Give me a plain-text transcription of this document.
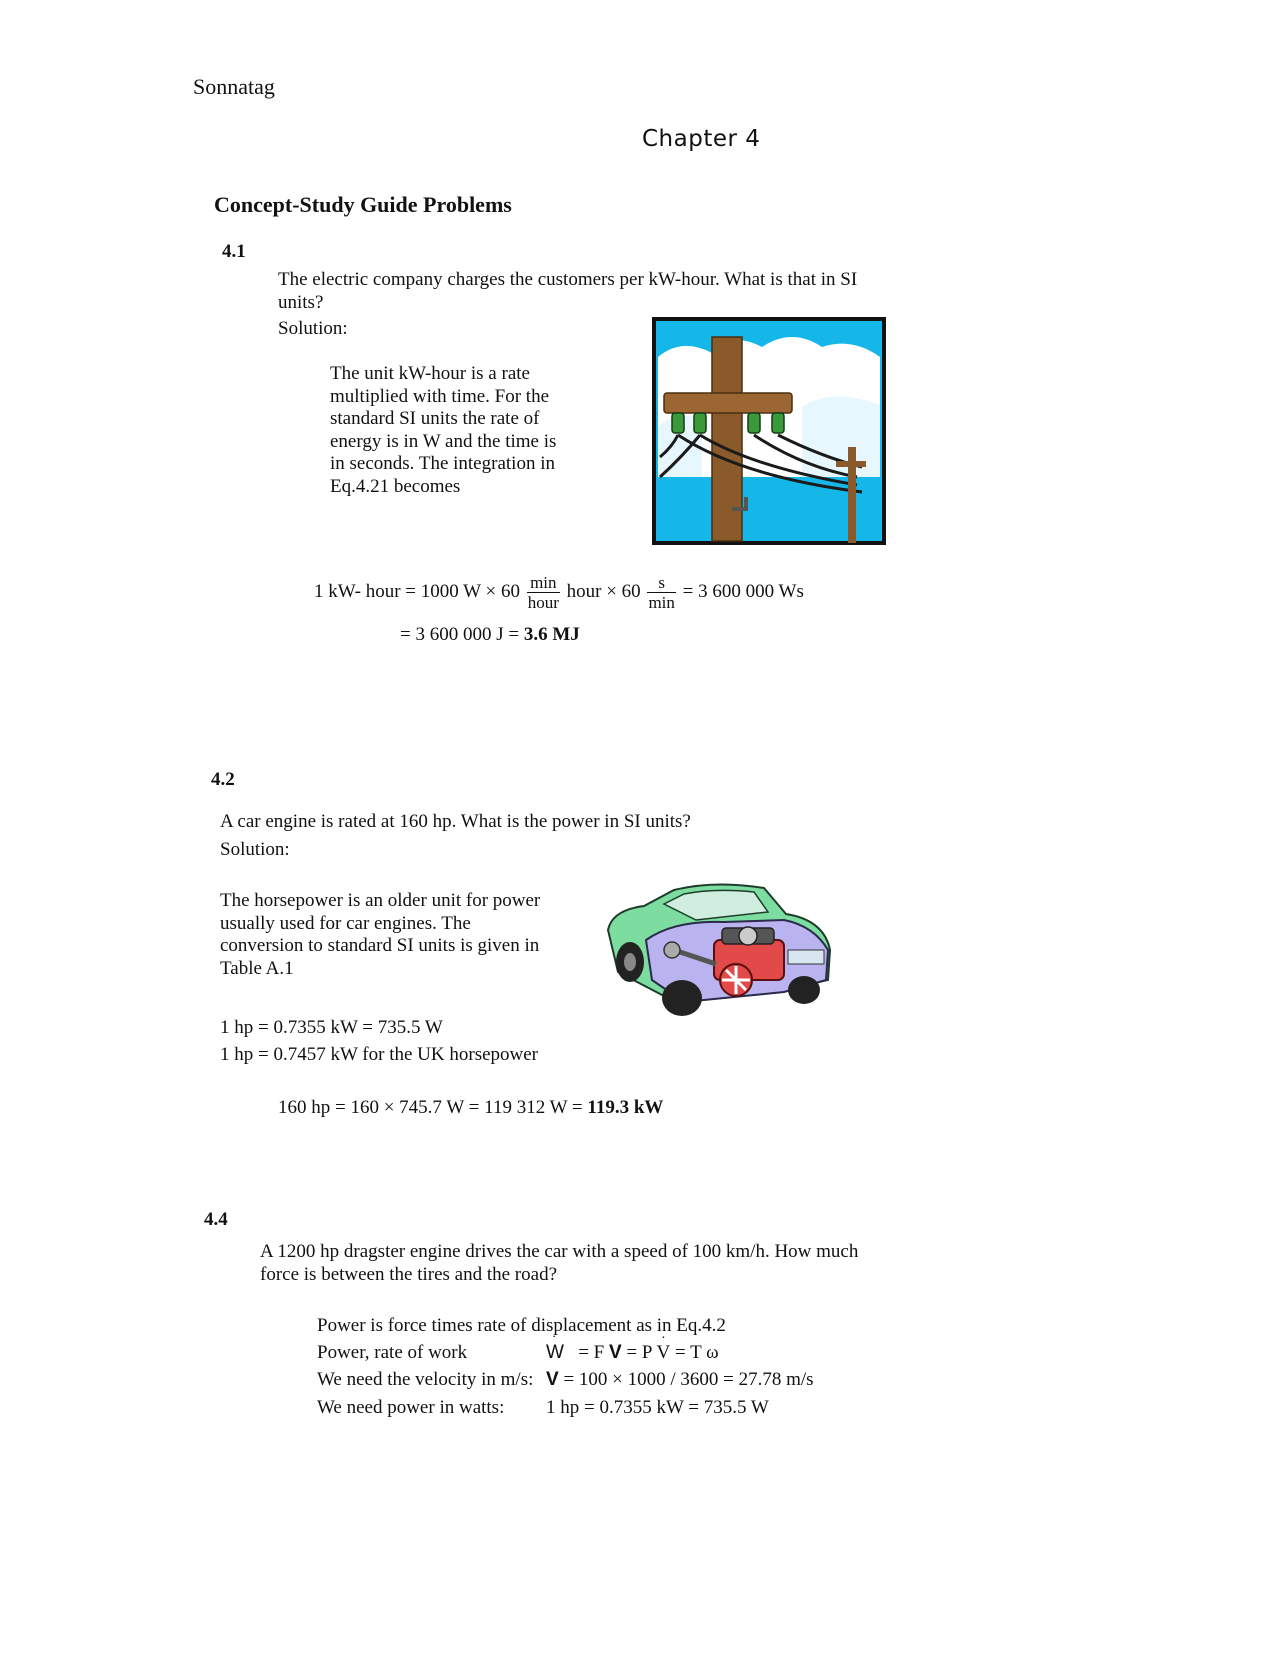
Sonnatag
Chapter 4
Concept-Study Guide Problems
4.1
The electric company charges the customers per kW-hour. What is that in SI
units?
Solution:
The unit kW-hour is a rate
multiplied with time. For the
standard SI units the rate of
energy is in W and the time is
in seconds. The integration in
Eq.4.21 becomes
1 kW- hour = 1000 $W \times 60 \frac{\min}{\text{hour}}$ hour × $60 \frac{s}{\min} = 3$ 600 000 Ws
= 3 600 000 J = 3.6 MJ
4.2
A car engine is rated at 160 hp. What is the power in SI units?
Solution:
The horsepower is an older unit for power
usually used for car engines. The
conversion to standard SI units is given in
Table A.1
1 hp = 0.7355 kW = 735.5 W
1 hp = 0.7457 kW for the UK horsepower
160 hp = 160 × 745.7 W = 119 312 W = 119.3 kW
4.4
A 1200 hp dragster engine drives the car with a speed of 100 km/h. How much
force is between the tires and the road?
Power is force times rate of displacement as in Eq.4.2
Power, rate of work	˙ W = F V = P ˙ V = T ω
We need the velocity in m/s: V = 100 × 1000 / 3600 = 27.78 m/s
We need power in watts: 1 hp = 0.7355 kW = 735.5 W
